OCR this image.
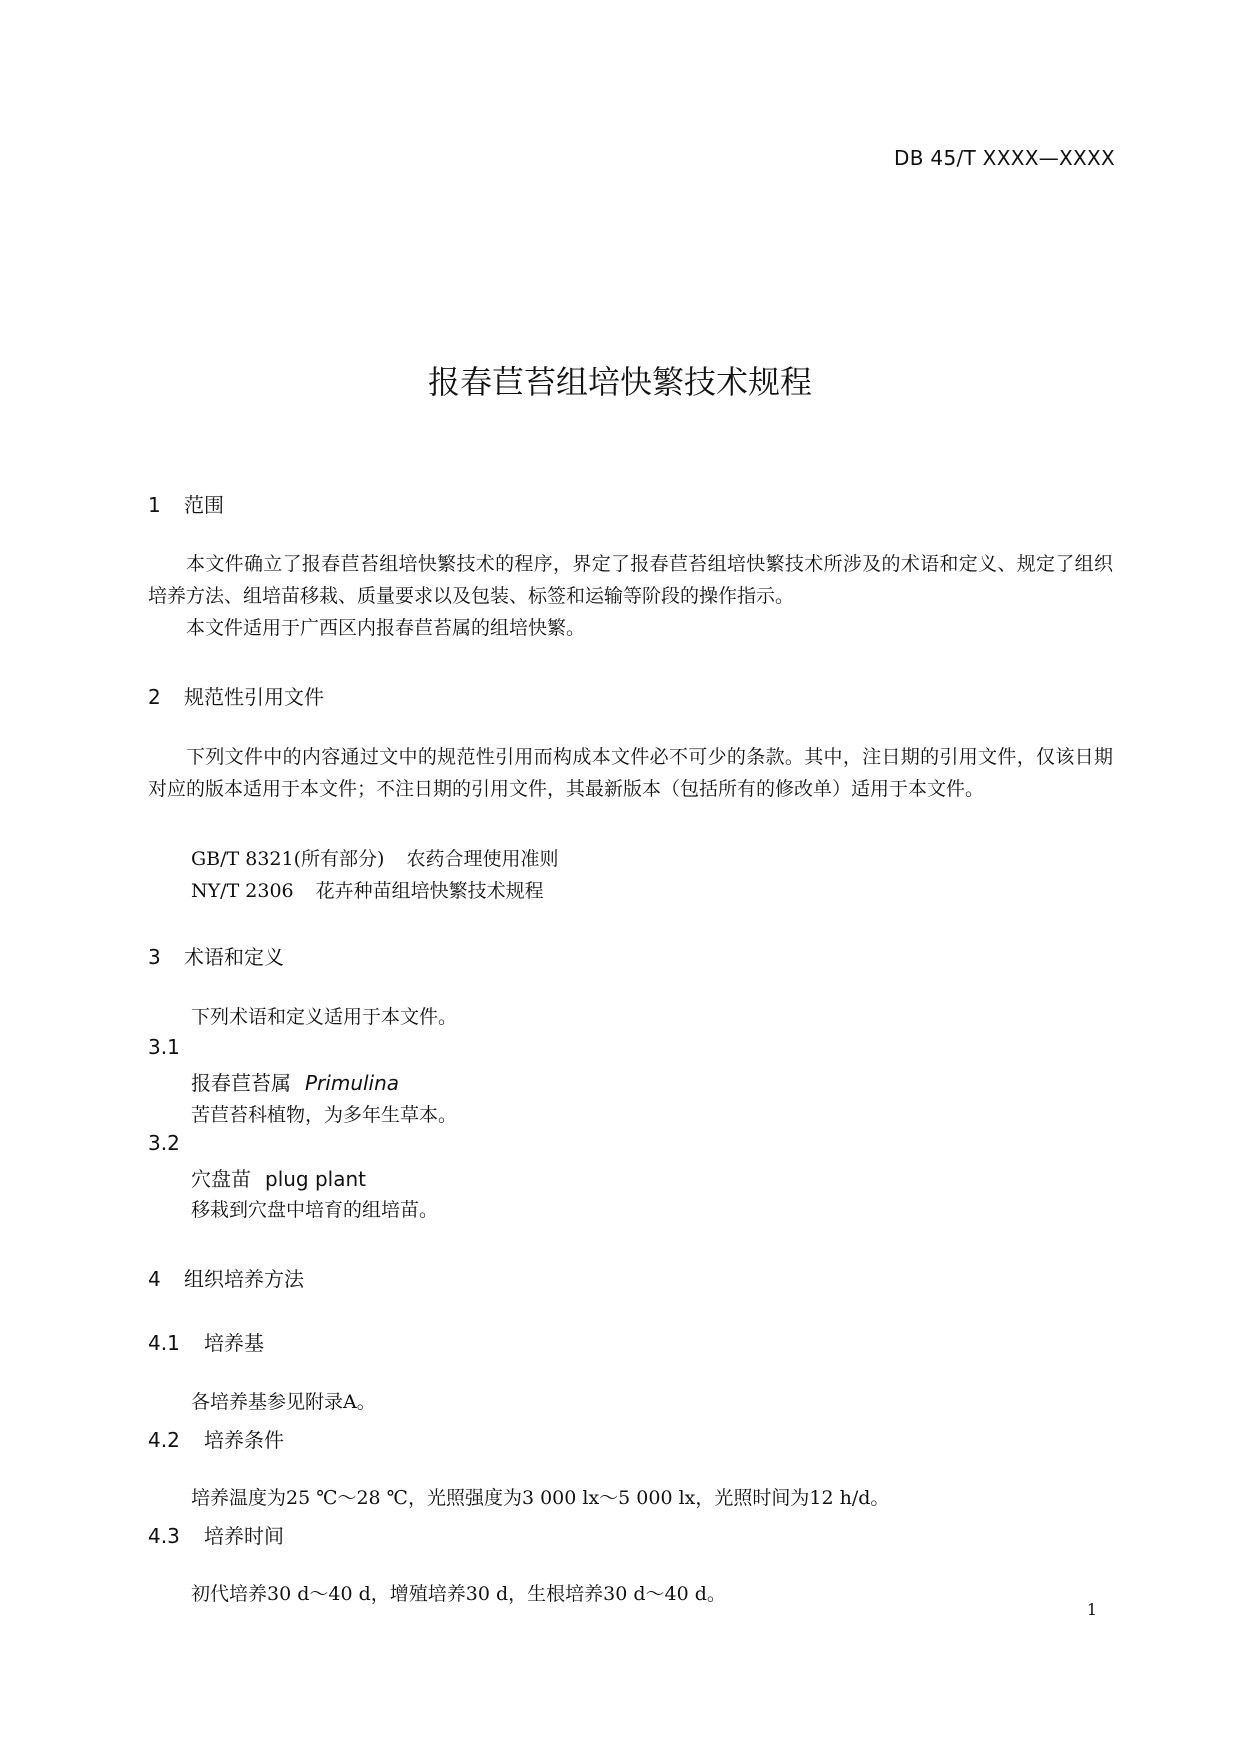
DB 45/T XXXX—XXXX
报春苣苔组培快繁技术规程
1 范围
本文件确立了报春苣苔组培快繁技术的程序，界定了报春苣苔组培快繁技术所涉及的术语和定义、规定了组织培养方法、组培苗移栽、质量要求以及包装、标签和运输等阶段的操作指示。
本文件适用于广西区内报春苣苔属的组培快繁。
2 规范性引用文件
下列文件中的内容通过文中的规范性引用而构成本文件必不可少的条款。其中，注日期的引用文件，仅该日期对应的版本适用于本文件；不注日期的引用文件，其最新版本（包括所有的修改单）适用于本文件。
GB/T 8321(所有部分) 农药合理使用准则
NY/T 2306 花卉种苗组培快繁技术规程
3 术语和定义
下列术语和定义适用于本文件。
3.1
报春苣苔属 Primulina
苦苣苔科植物，为多年生草本。
3.2
穴盘苗 plug plant
移栽到穴盘中培育的组培苗。
4 组织培养方法
4.1 培养基
各培养基参见附录A。
4.2 培养条件
培养温度为25 ℃～28 ℃，光照强度为3 000 lx～5 000 lx，光照时间为12 h/d。
4.3 培养时间
初代培养30 d～40 d，增殖培养30 d，生根培养30 d～40 d。
1
